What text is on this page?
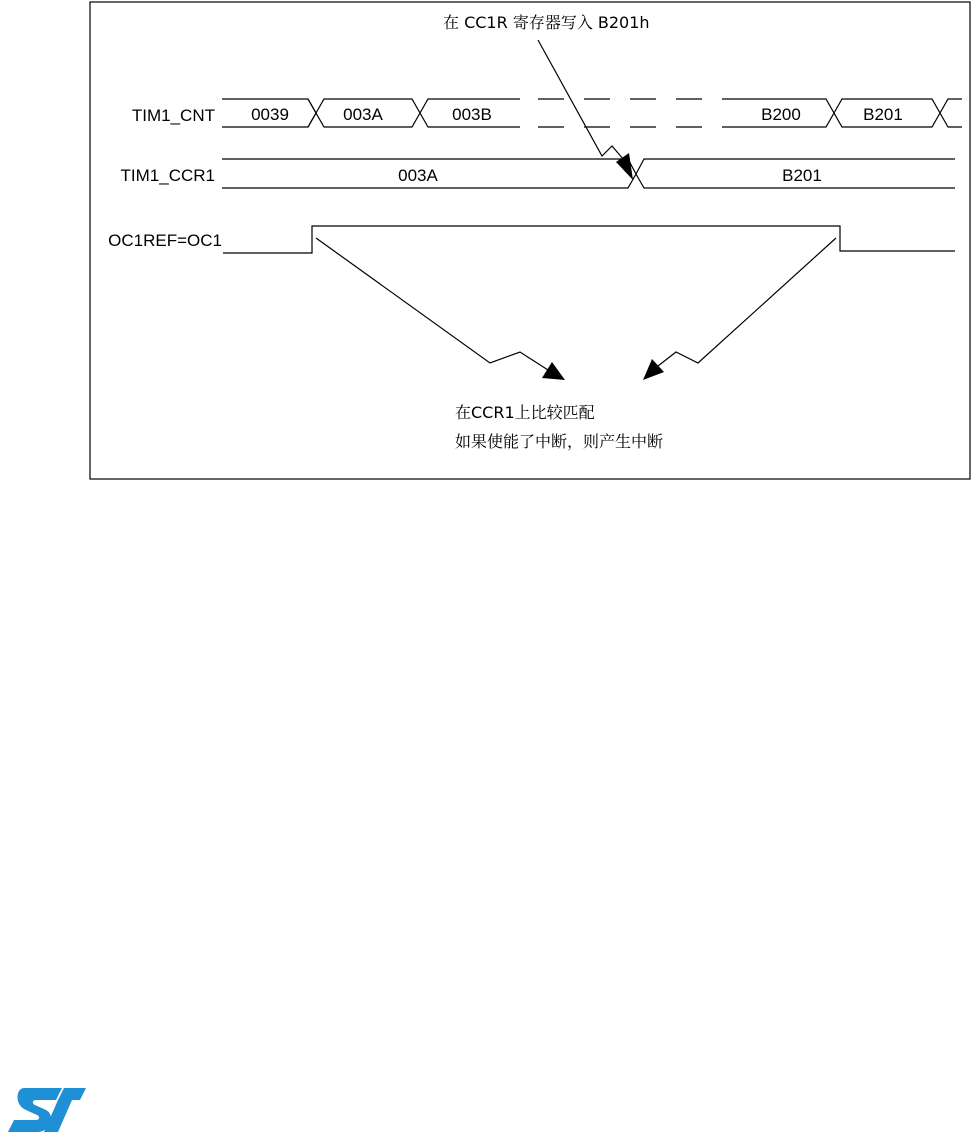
在 CC1R 寄存器写入 B201h
TIM1_CNT 0039	003A	003B	B200	B201
TIM1_CCR1	003A	B201
OC1REF=OC1
在CCR1上比较匹配
如果使能了中断，则产生中断
